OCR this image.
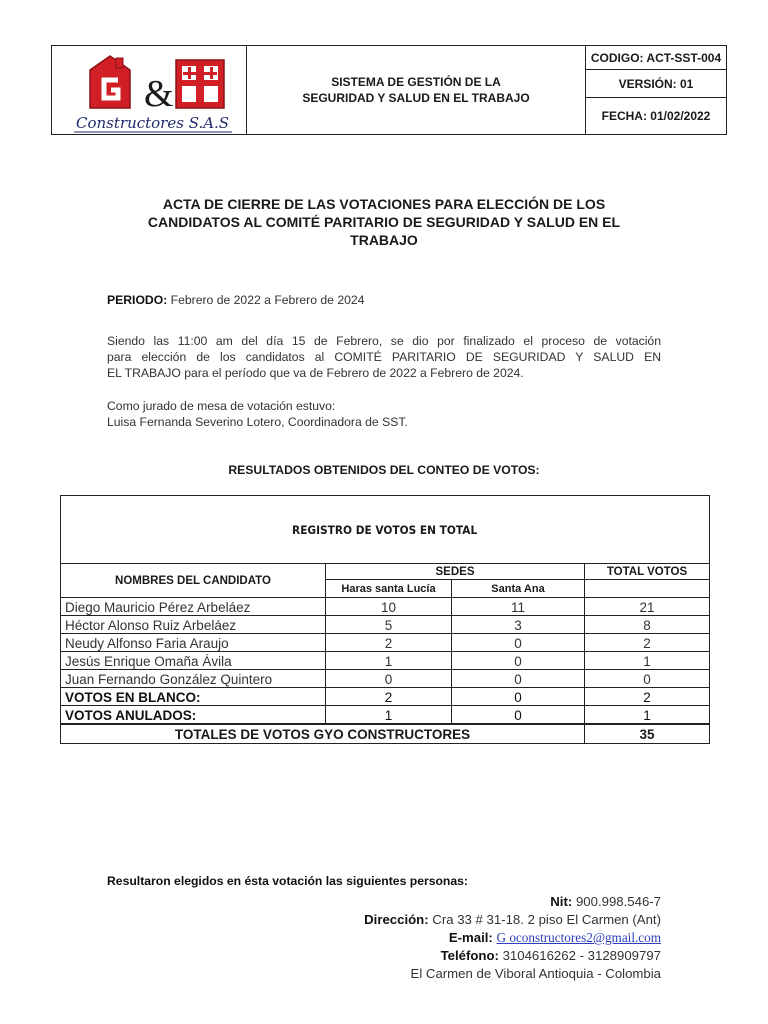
&
Constructores S.A.S
SISTEMA DE GESTIÓN DE LA
SEGURIDAD Y SALUD EN EL TRABAJO
CODIGO: ACT-SST-004
VERSIÓN: 01
FECHA: 01/02/2022
ACTA DE CIERRE DE LAS VOTACIONES PARA ELECCIÓN DE LOS
CANDIDATOS AL COMITÉ PARITARIO DE SEGURIDAD Y SALUD EN EL
TRABAJO
PERIODO: Febrero de 2022 a Febrero de 2024
Siendo las 11:00 am del día 15 de Febrero, se dio por finalizado el proceso de votación
para elección de los candidatos al COMITÉ PARITARIO DE SEGURIDAD Y SALUD EN
EL TRABAJO para el período que va de Febrero de 2022 a Febrero de 2024.
Como jurado de mesa de votación estuvo:
Luisa Fernanda Severino Lotero, Coordinadora de SST.
RESULTADOS OBTENIDOS DEL CONTEO DE VOTOS:
REGISTRO DE VOTOS EN TOTAL
NOMBRES DEL CANDIDATO
SEDES	TOTAL VOTOS
Haras santa Lucía	Santa Ana
Diego Mauricio Pérez Arbeláez	10	11	21
Héctor Alonso Ruiz Arbeláez	5	3	8
Neudy Alfonso Faria Araujo	2	0	2
Jesús Enrique Omaña Ávila	1	0	1
Juan Fernando González Quintero	0	0	0
VOTOS EN BLANCO:	2	0	2
VOTOS ANULADOS:	1	0	1
TOTALES DE VOTOS GYO CONSTRUCTORES	35
Resultaron elegidos en ésta votación las siguientes personas:
Nit: 900.998.546-7
Dirección: Cra 33 # 31-18. 2 piso El Carmen (Ant)
E-mail: G oconstructores2@gmail.com
Teléfono: 3104616262 - 3128909797
El Carmen de Viboral Antioquia - Colombia
